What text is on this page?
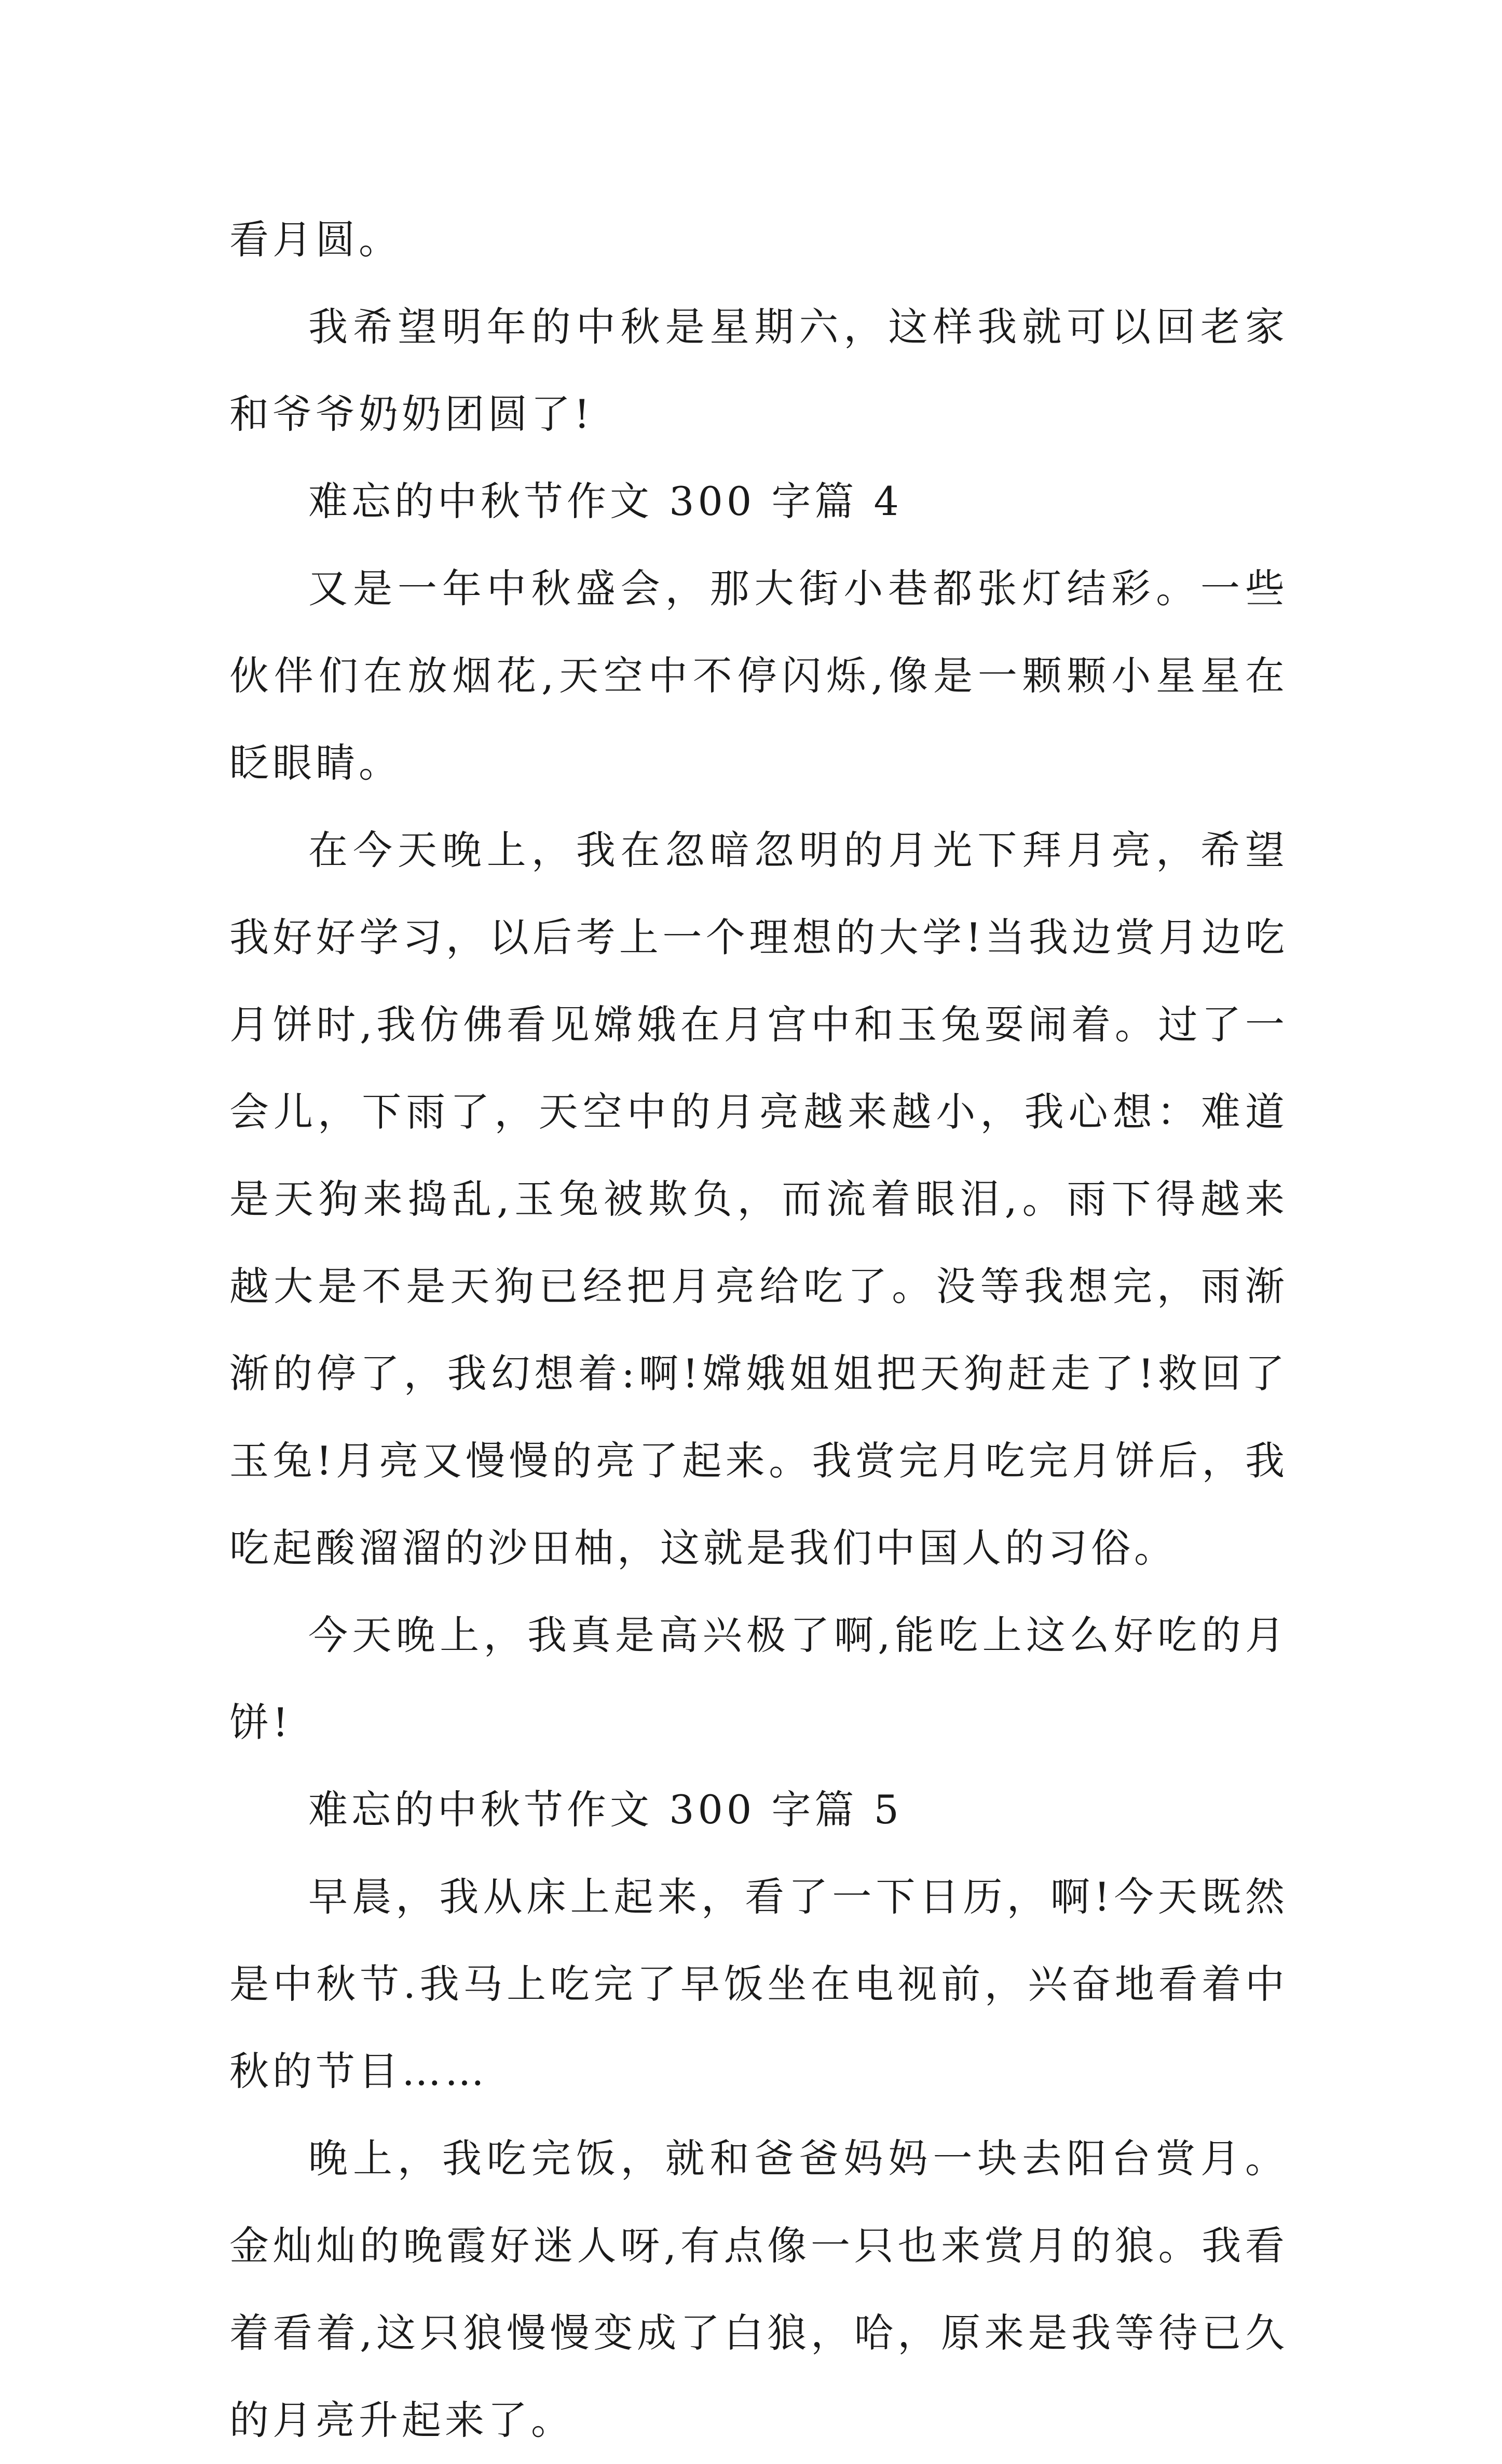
看月圆。

我希望明年的中秋是星期六，这样我就可以回老家和爷爷奶奶团圆了!

难忘的中秋节作文 300 字篇 4

又是一年中秋盛会，那大街小巷都张灯结彩。一些伙伴们在放烟花,天空中不停闪烁,像是一颗颗小星星在眨眼睛。

在今天晚上，我在忽暗忽明的月光下拜月亮，希望我好好学习，以后考上一个理想的大学!当我边赏月边吃月饼时,我仿佛看见嫦娥在月宫中和玉兔耍闹着。过了一会儿，下雨了，天空中的月亮越来越小，我心想：难道是天狗来捣乱,玉兔被欺负，而流着眼泪,。雨下得越来越大是不是天狗已经把月亮给吃了。没等我想完，雨渐渐的停了，我幻想着:啊!嫦娥姐姐把天狗赶走了!救回了玉兔!月亮又慢慢的亮了起来。我赏完月吃完月饼后，我吃起酸溜溜的沙田柚，这就是我们中国人的习俗。

今天晚上，我真是高兴极了啊,能吃上这么好吃的月饼!

难忘的中秋节作文 300 字篇 5

早晨，我从床上起来，看了一下日历，啊!今天既然是中秋节.我马上吃完了早饭坐在电视前，兴奋地看着中秋的节目……

晚上，我吃完饭，就和爸爸妈妈一块去阳台赏月。金灿灿的晚霞好迷人呀,有点像一只也来赏月的狼。我看着看着,这只狼慢慢变成了白狼，哈，原来是我等待已久的月亮升起来了。
